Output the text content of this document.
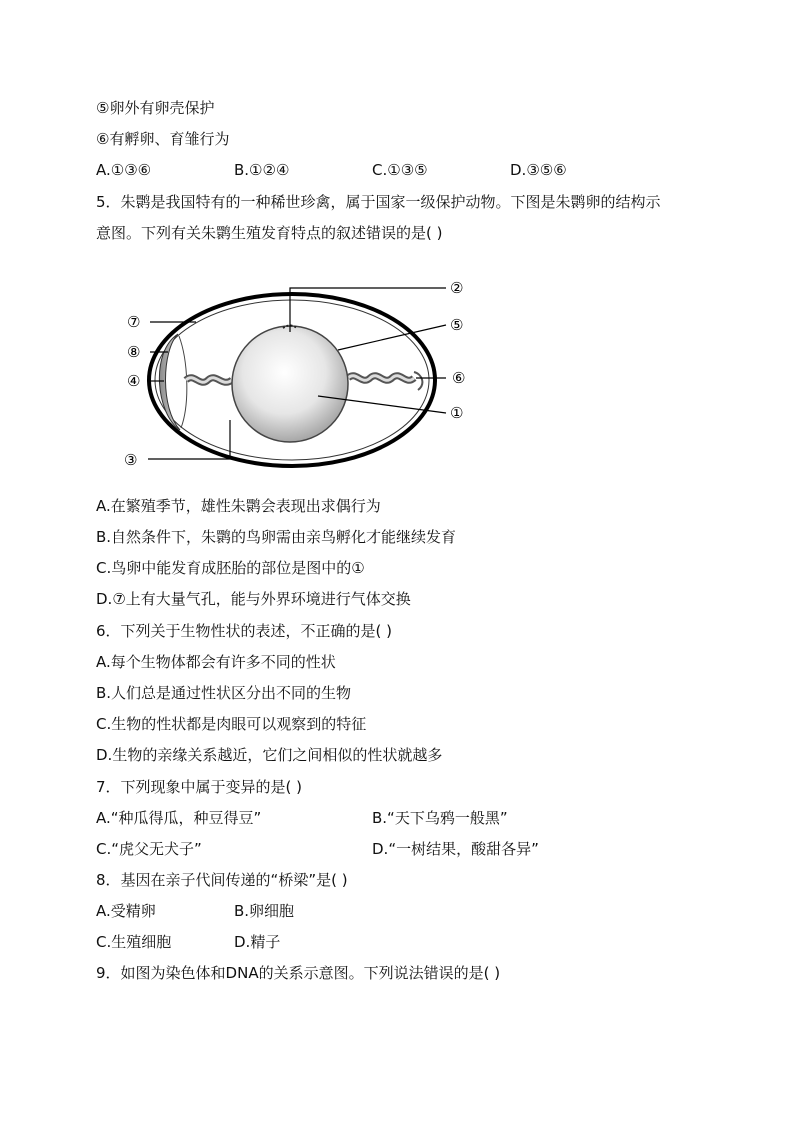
⑤卵外有卵壳保护
⑥有孵卵、育雏行为
A.①③⑥	B.①②④	C.①③⑤	D.③⑤⑥
5．朱鹮是我国特有的一种稀世珍禽，属于国家一级保护动物。下图是朱鹮卵的结构示
意图。下列有关朱鹮生殖发育特点的叙述错误的是( )
②
⑤
⑥
①
③
④
⑧
⑦
A.在繁殖季节，雄性朱鹮会表现出求偶行为
B.自然条件下，朱鹮的鸟卵需由亲鸟孵化才能继续发育
C.鸟卵中能发育成胚胎的部位是图中的①
D.⑦上有大量气孔，能与外界环境进行气体交换
6．下列关于生物性状的表述，不正确的是( )
A.每个生物体都会有许多不同的性状
B.人们总是通过性状区分出不同的生物
C.生物的性状都是肉眼可以观察到的特征
D.生物的亲缘关系越近，它们之间相似的性状就越多
7．下列现象中属于变异的是( )
A.“种瓜得瓜，种豆得豆”	B.“天下乌鸦一般黑”
C.“虎父无犬子”	D.“一树结果，酸甜各异”
8．基因在亲子代间传递的“桥梁”是( )
A.受精卵	B.卵细胞
C.生殖细胞	D.精子
9．如图为染色体和DNA的关系示意图。下列说法错误的是( )
